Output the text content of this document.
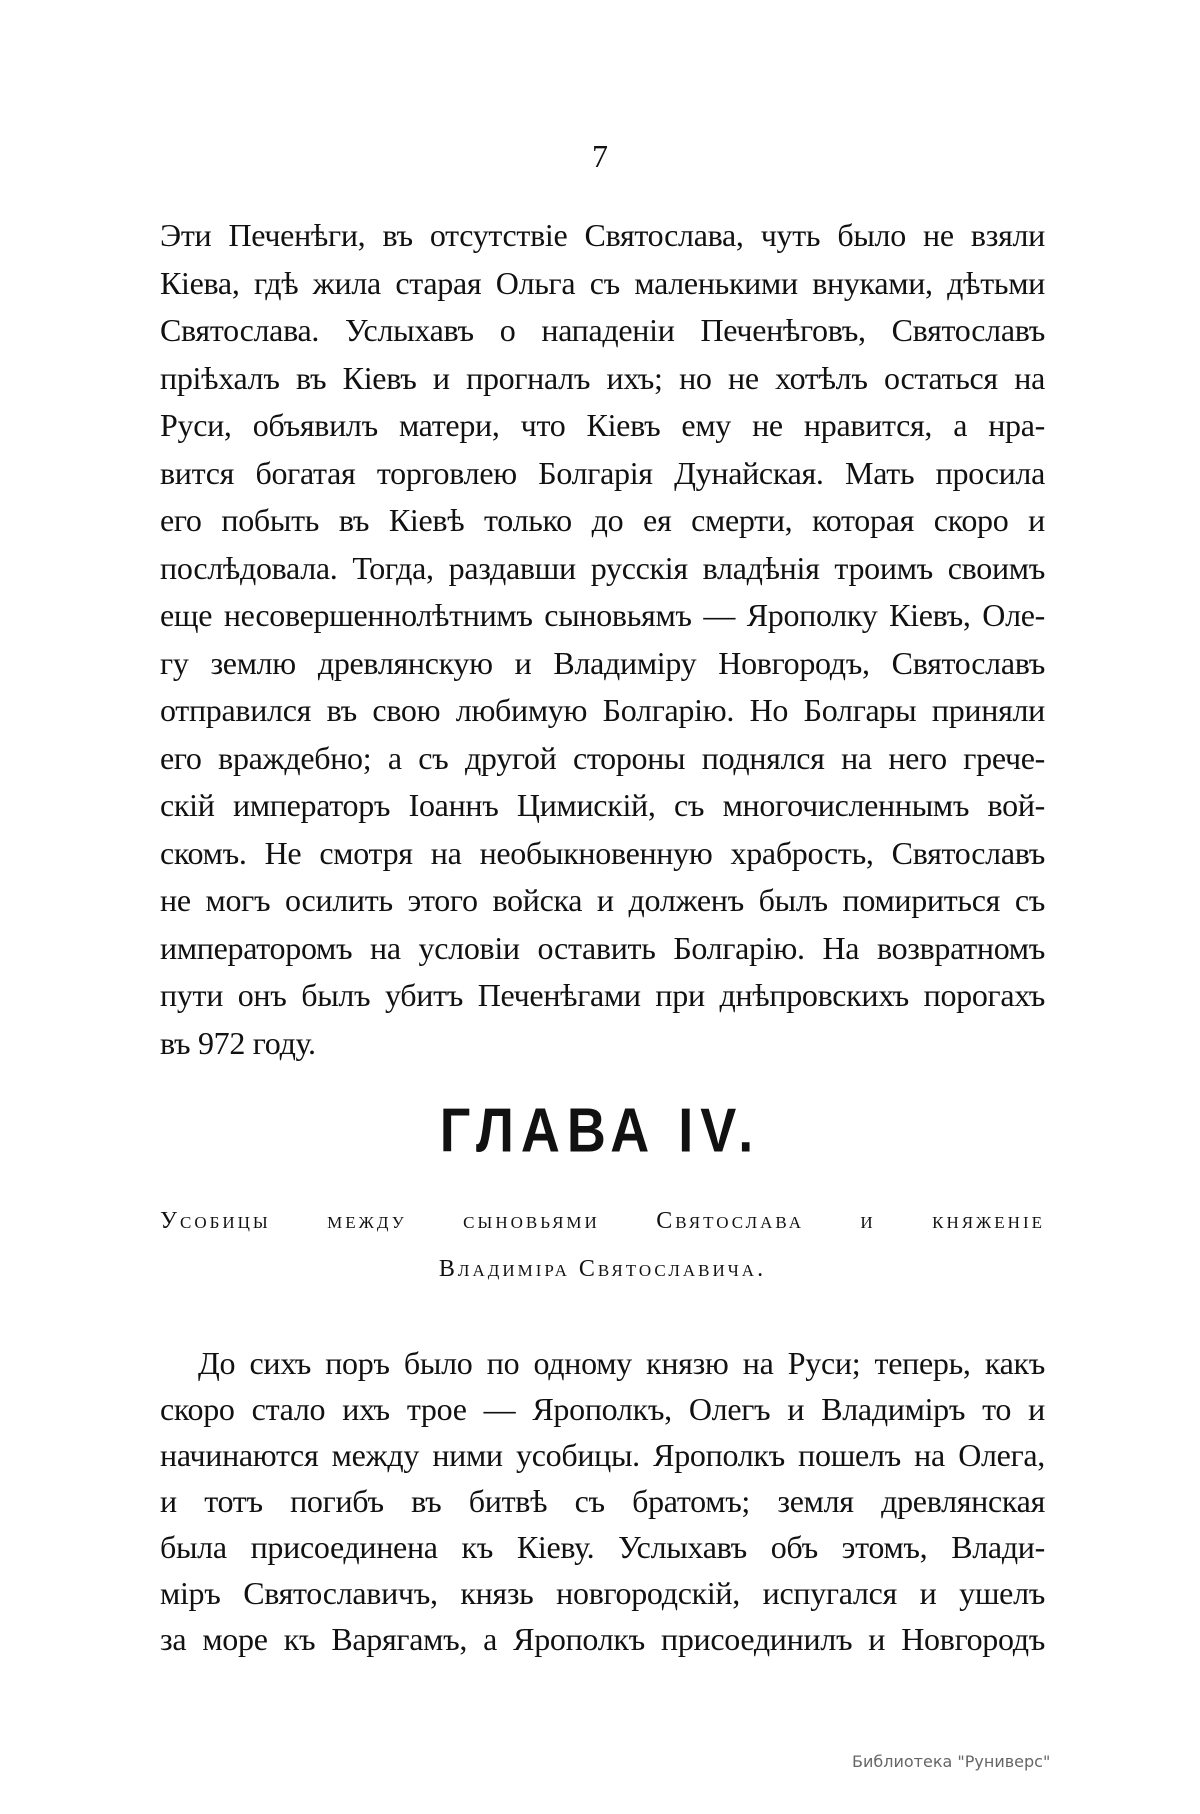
7
Эти Печенѣги, въ отсутствіе Святослава, чуть было не взяли
Кіева, гдѣ жила старая Ольга съ маленькими внуками, дѣтьми
Святослава. Услыхавъ о нападеніи Печенѣговъ, Святославъ
пріѣхалъ въ Кіевъ и прогналъ ихъ; но не хотѣлъ остаться на
Руси, объявилъ матери, что Кіевъ ему не нравится, а нра-
вится богатая торговлею Болгарія Дунайская. Мать просила
его побыть въ Кіевѣ только до ея смерти, которая скоро и
послѣдовала. Тогда, раздавши русскія владѣнія троимъ своимъ
еще несовершеннолѣтнимъ сыновьямъ — Ярополку Кіевъ, Оле-
гу землю древлянскую и Владиміру Новгородъ, Святославъ
отправился въ свою любимую Болгарію. Но Болгары приняли
его враждебно; а съ другой стороны поднялся на него грече-
скій императоръ Іоаннъ Цимискій, съ многочисленнымъ вой-
скомъ. Не смотря на необыкновенную храбрость, Святославъ
не могъ осилить этого войска и долженъ былъ помириться съ
императоромъ на условіи оставить Болгарію. На возвратномъ
пути онъ былъ убитъ Печенѣгами при днѣпровскихъ порогахъ
въ 972 году.
ГЛАВА IV.
Усобицы между сыновьями Святослава и княженіе
Владиміра Святославича.
До сихъ поръ было по одному князю на Руси; теперь, какъ
скоро стало ихъ трое — Ярополкъ, Олегъ и Владиміръ то и
начинаются между ними усобицы. Ярополкъ пошелъ на Олега,
и тотъ погибъ въ битвѣ съ братомъ; земля древлянская
была присоединена къ Кіеву. Услыхавъ объ этомъ, Влади-
міръ Святославичъ, князь новгородскій, испугался и ушелъ
за море къ Варягамъ, а Ярополкъ присоединилъ и Новгородъ
Библиотека "Руниверс"
